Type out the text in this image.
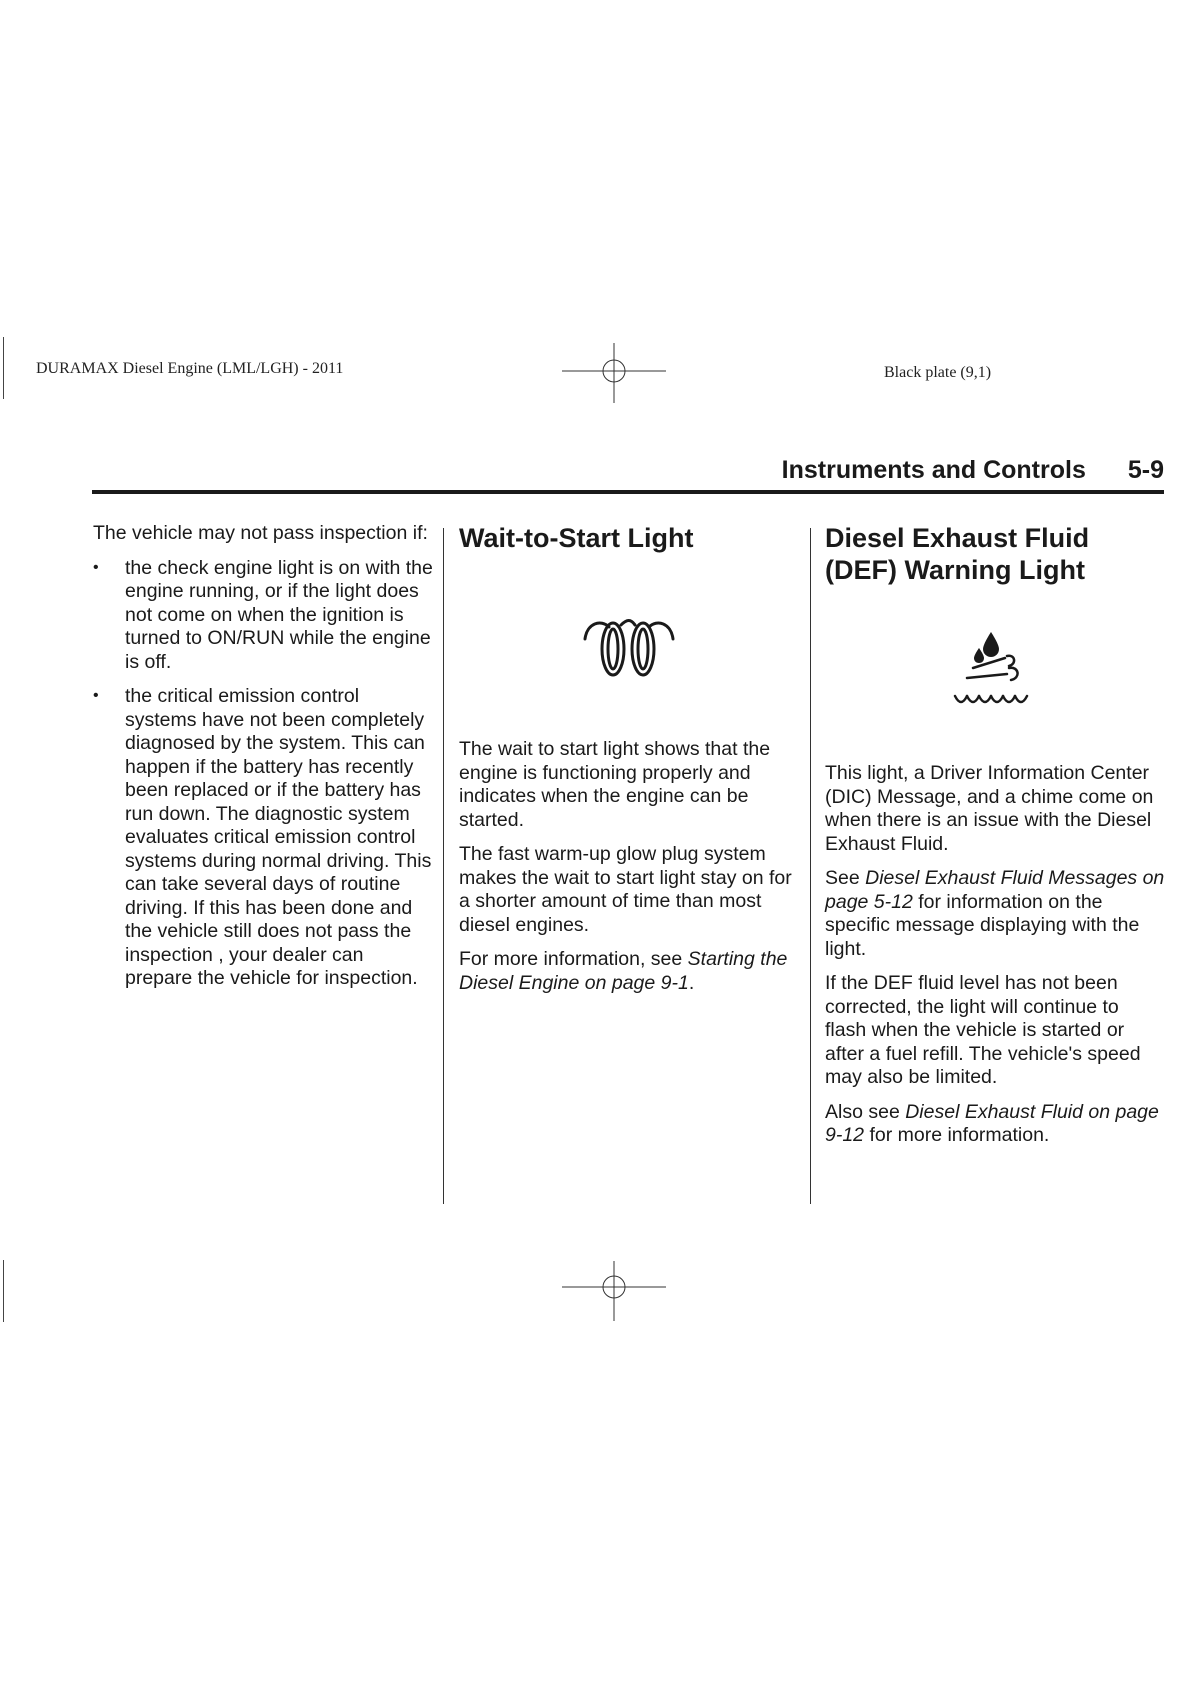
DURAMAX Diesel Engine (LML/LGH) - 2011	Black plate (9,1)
Instruments and Controls 5-9

The vehicle may not pass inspection if:

• the check engine light is on with the engine running, or if the light does not come on when the ignition is turned to ON/RUN while the engine is off.
• the critical emission control systems have not been completely diagnosed by the system. This can happen if the battery has recently been replaced or if the battery has run down. The diagnostic system evaluates critical emission control systems during normal driving. This can take several days of routine driving. If this has been done and the vehicle still does not pass the inspection , your dealer can prepare the vehicle for inspection.
Wait-to-Start Light

The wait to start light shows that the engine is functioning properly and indicates when the engine can be started.

The fast warm-up glow plug system makes the wait to start light stay on for a shorter amount of time than most diesel engines.

For more information, see Starting the Diesel Engine on page 9-1.

Diesel Exhaust Fluid (DEF) Warning Light

This light, a Driver Information Center (DIC) Message, and a chime come on when there is an issue with the Diesel Exhaust Fluid.

See Diesel Exhaust Fluid Messages on page 5-12 for information on the specific message displaying with the light.

If the DEF fluid level has not been corrected, the light will continue to flash when the vehicle is started or after a fuel refill. The vehicle's speed may also be limited.

Also see Diesel Exhaust Fluid on page 9-12 for more information.
